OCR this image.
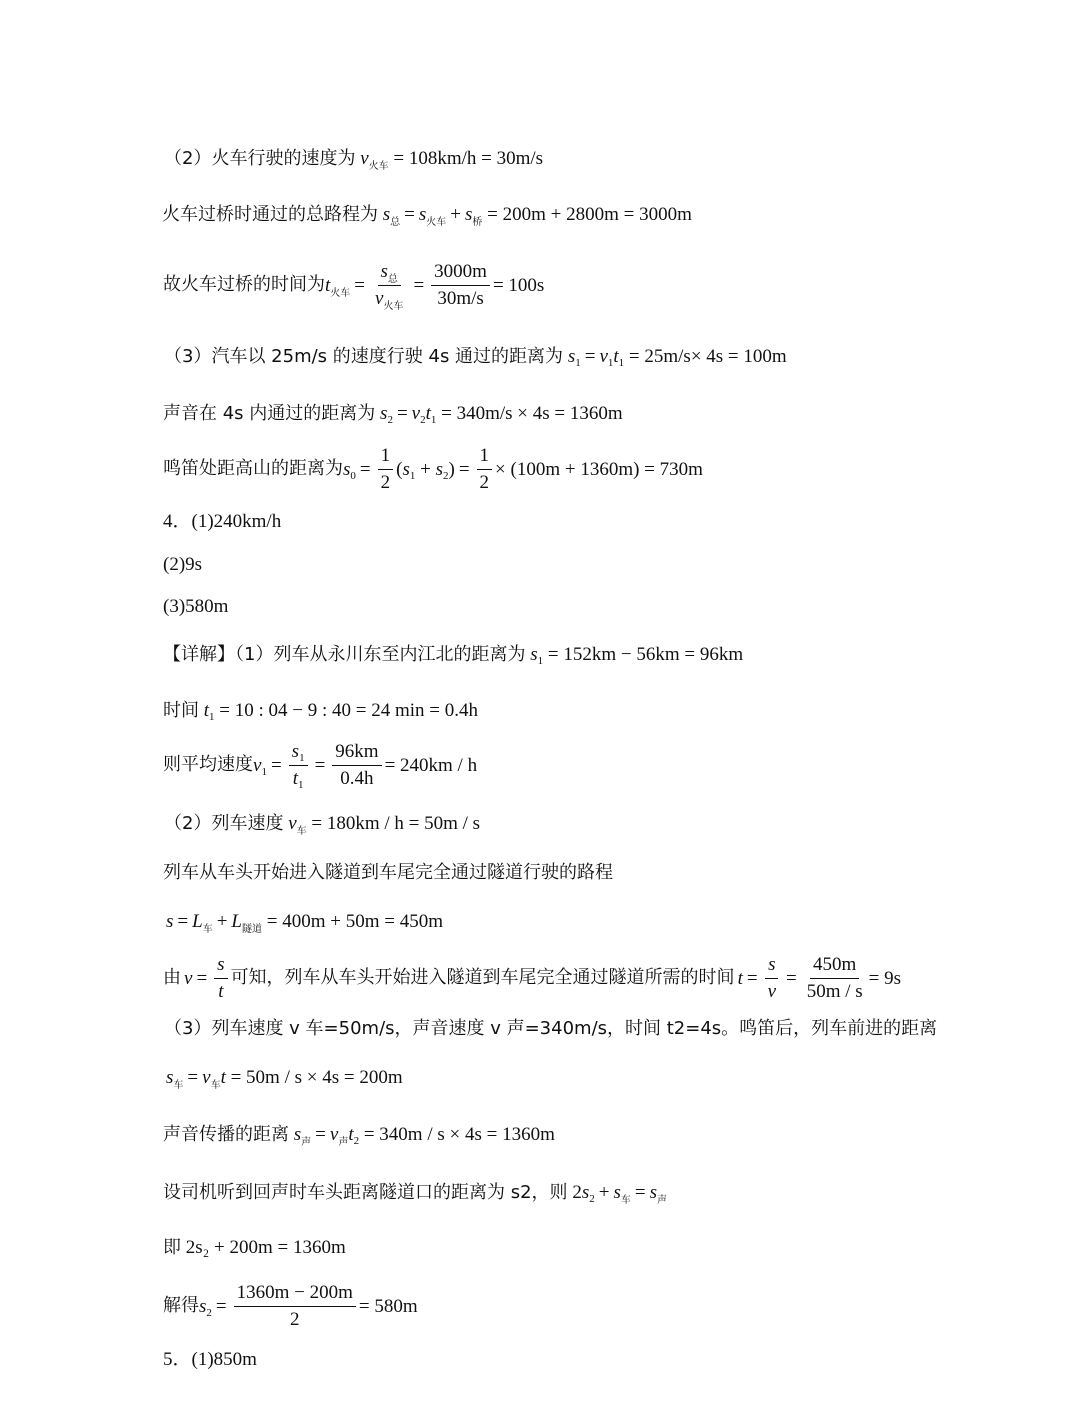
（2）火车行驶的速度为 $v_{火车} = 108km/h = 30m/s$
火车过桥时通过的总路程为 $s_总 = s_{火车} + s_桥 = 200m + 2800m = 3000m$
故火车过桥的时间为 $t_{火车} = \frac{s_总}{v_{火车}} = \frac{3000m}{30m/s} = 100s$
（3）汽车以 25m/s 的速度行驶 4s 通过的距离为 $s_1 = v_1t_1 = 25m/s\times 4s = 100m$
声音在 4s 内通过的距离为 $s_2 = v_2t_1 = 340m/s \times 4s = 1360m$
鸣笛处距高山的距离为 $s_0 = \frac{1}{2} (s_1 + s_2) = \frac{1}{2} \times (100m + 1360m) = 730m$
4．(1)240km/h
(2)9s
(3)580m
【详解】（1）列车从永川东至内江北的距离为 $s_1 = 152km - 56km = 96km$
时间 $t_1 = 10$ : 04 − 9 : 40 = 24 min = 0.4h
则平均速度 $v_1 = \frac{s_1}{t_1} = \frac{96km}{0.4h} = 240km / h$
（2）列车速度 $v_车 = 180km / h = 50m / s$
列车从车头开始进入隧道到车尾完全通过隧道行驶的路程
$s = L_车 + L_{隧道} = 400m + 50m = 450m$
由 $v = \frac{s}{t}$ 可知，列车从车头开始进入隧道到车尾完全通过隧道所需的时间 $t = \frac{s}{v} = \frac{450m}{50m / s} = 9s$
（3）列车速度 v 车=50m/s，声音速度 v 声=340m/s，时间 t2=4s。鸣笛后，列车前进的距离
$s_车 = v_车t = 50m / s \times 4s = 200m$
声音传播的距离 $s_声 = v_声t_2 = 340m / s \times 4s = 1360m$
设司机听到回声时车头距离隧道口的距离为 s2，则 $2s_2 + s_车 = s_声$
即 2s₂ + 200m = 1360m
解得 $s_2 = \frac{1360m - 200m}{2} = 580m$
5．(1)850m
